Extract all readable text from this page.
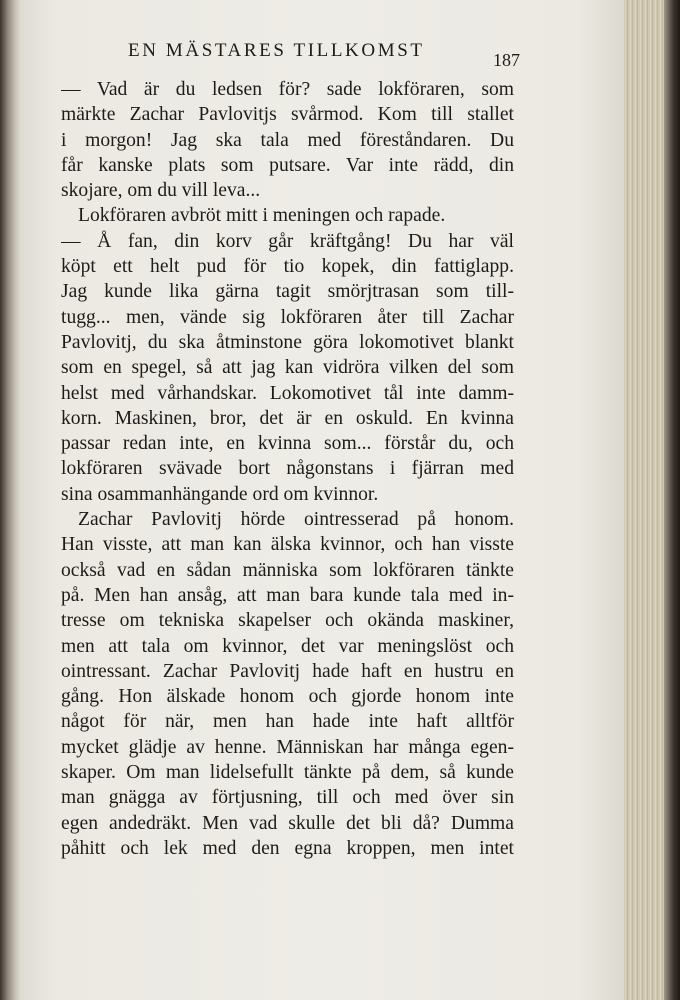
EN MÄSTARES TILLKOMST	187
— Vad är du ledsen för? sade lokföraren, som
märkte Zachar Pavlovitjs svårmod. Kom till stallet
i morgon! Jag ska tala med föreståndaren. Du
får kanske plats som putsare. Var inte rädd, din
skojare, om du vill leva...
Lokföraren avbröt mitt i meningen och rapade.
— Å fan, din korv går kräftgång! Du har väl
köpt ett helt pud för tio kopek, din fattiglapp.
Jag kunde lika gärna tagit smörjtrasan som till-
tugg... men, vände sig lokföraren åter till Zachar
Pavlovitj, du ska åtminstone göra lokomotivet blankt
som en spegel, så att jag kan vidröra vilken del som
helst med vårhandskar. Lokomotivet tål inte damm-
korn. Maskinen, bror, det är en oskuld. En kvinna
passar redan inte, en kvinna som... förstår du, och
lokföraren svävade bort någonstans i fjärran med
sina osammanhängande ord om kvinnor.
Zachar Pavlovitj hörde ointresserad på honom.
Han visste, att man kan älska kvinnor, och han visste
också vad en sådan människa som lokföraren tänkte
på. Men han ansåg, att man bara kunde tala med in-
tresse om tekniska skapelser och okända maskiner,
men att tala om kvinnor, det var meningslöst och
ointressant. Zachar Pavlovitj hade haft en hustru en
gång. Hon älskade honom och gjorde honom inte
något för när, men han hade inte haft alltför
mycket glädje av henne. Människan har många egen-
skaper. Om man lidelsefullt tänkte på dem, så kunde
man gnägga av förtjusning, till och med över sin
egen andedräkt. Men vad skulle det bli då? Dumma
påhitt och lek med den egna kroppen, men intet
